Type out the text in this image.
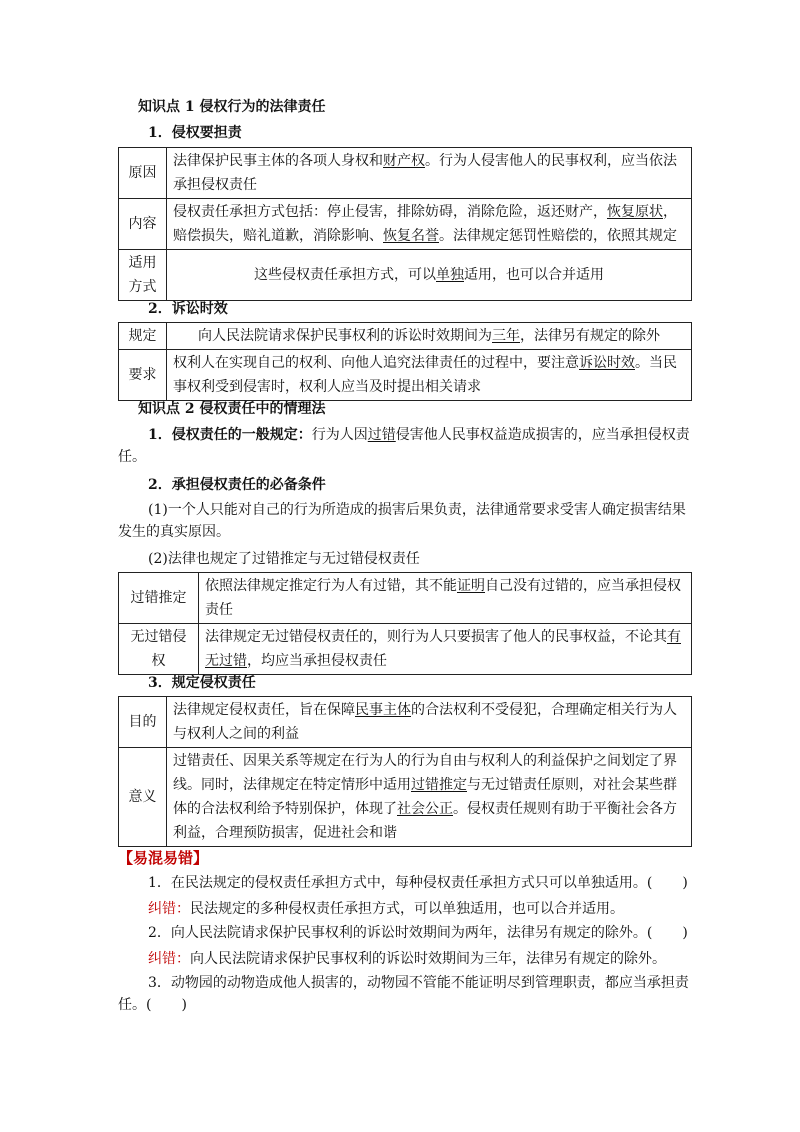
知识点 1 侵权行为的法律责任

1．侵权要担责

原因	法律保护民事主体的各项人身权和财产权。行为人侵害他人的民事权利，应当依法承担侵权责任
内容	侵权责任承担方式包括：停止侵害，排除妨碍，消除危险，返还财产，恢复原状，赔偿损失，赔礼道歉，消除影响、恢复名誉。法律规定惩罚性赔偿的，依照其规定
适用方式	这些侵权责任承担方式，可以单独适用，也可以合并适用

2．诉讼时效

规定	向人民法院请求保护民事权利的诉讼时效期间为三年，法律另有规定的除外
要求	权利人在实现自己的权利、向他人追究法律责任的过程中，要注意诉讼时效。当民事权利受到侵害时，权利人应当及时提出相关请求

知识点 2 侵权责任中的情理法

1．侵权责任的一般规定：行为人因过错侵害他人民事权益造成损害的，应当承担侵权责任。

2．承担侵权责任的必备条件

(1)一个人只能对自己的行为所造成的损害后果负责，法律通常要求受害人确定损害结果发生的真实原因。

(2)法律也规定了过错推定与无过错侵权责任

过错推定	依照法律规定推定行为人有过错，其不能证明自己没有过错的，应当承担侵权责任
无过错侵权	法律规定无过错侵权责任的，则行为人只要损害了他人的民事权益，不论其有无过错，均应当承担侵权责任

3．规定侵权责任

目的	法律规定侵权责任，旨在保障民事主体的合法权利不受侵犯，合理确定相关行为人与权利人之间的利益
意义	过错责任、因果关系等规定在行为人的行为自由与权利人的利益保护之间划定了界线。同时，法律规定在特定情形中适用过错推定与无过错责任原则，对社会某些群体的合法权利给予特别保护，体现了社会公正。侵权责任规则有助于平衡社会各方利益，合理预防损害，促进社会和谐

【易混易错】

1．在民法规定的侵权责任承担方式中，每种侵权责任承担方式只可以单独适用。( )

纠错：民法规定的多种侵权责任承担方式，可以单独适用，也可以合并适用。

2．向人民法院请求保护民事权利的诉讼时效期间为两年，法律另有规定的除外。( )

纠错：向人民法院请求保护民事权利的诉讼时效期间为三年，法律另有规定的除外。

3．动物园的动物造成他人损害的，动物园不管能不能证明尽到管理职责，都应当承担责任。( )
